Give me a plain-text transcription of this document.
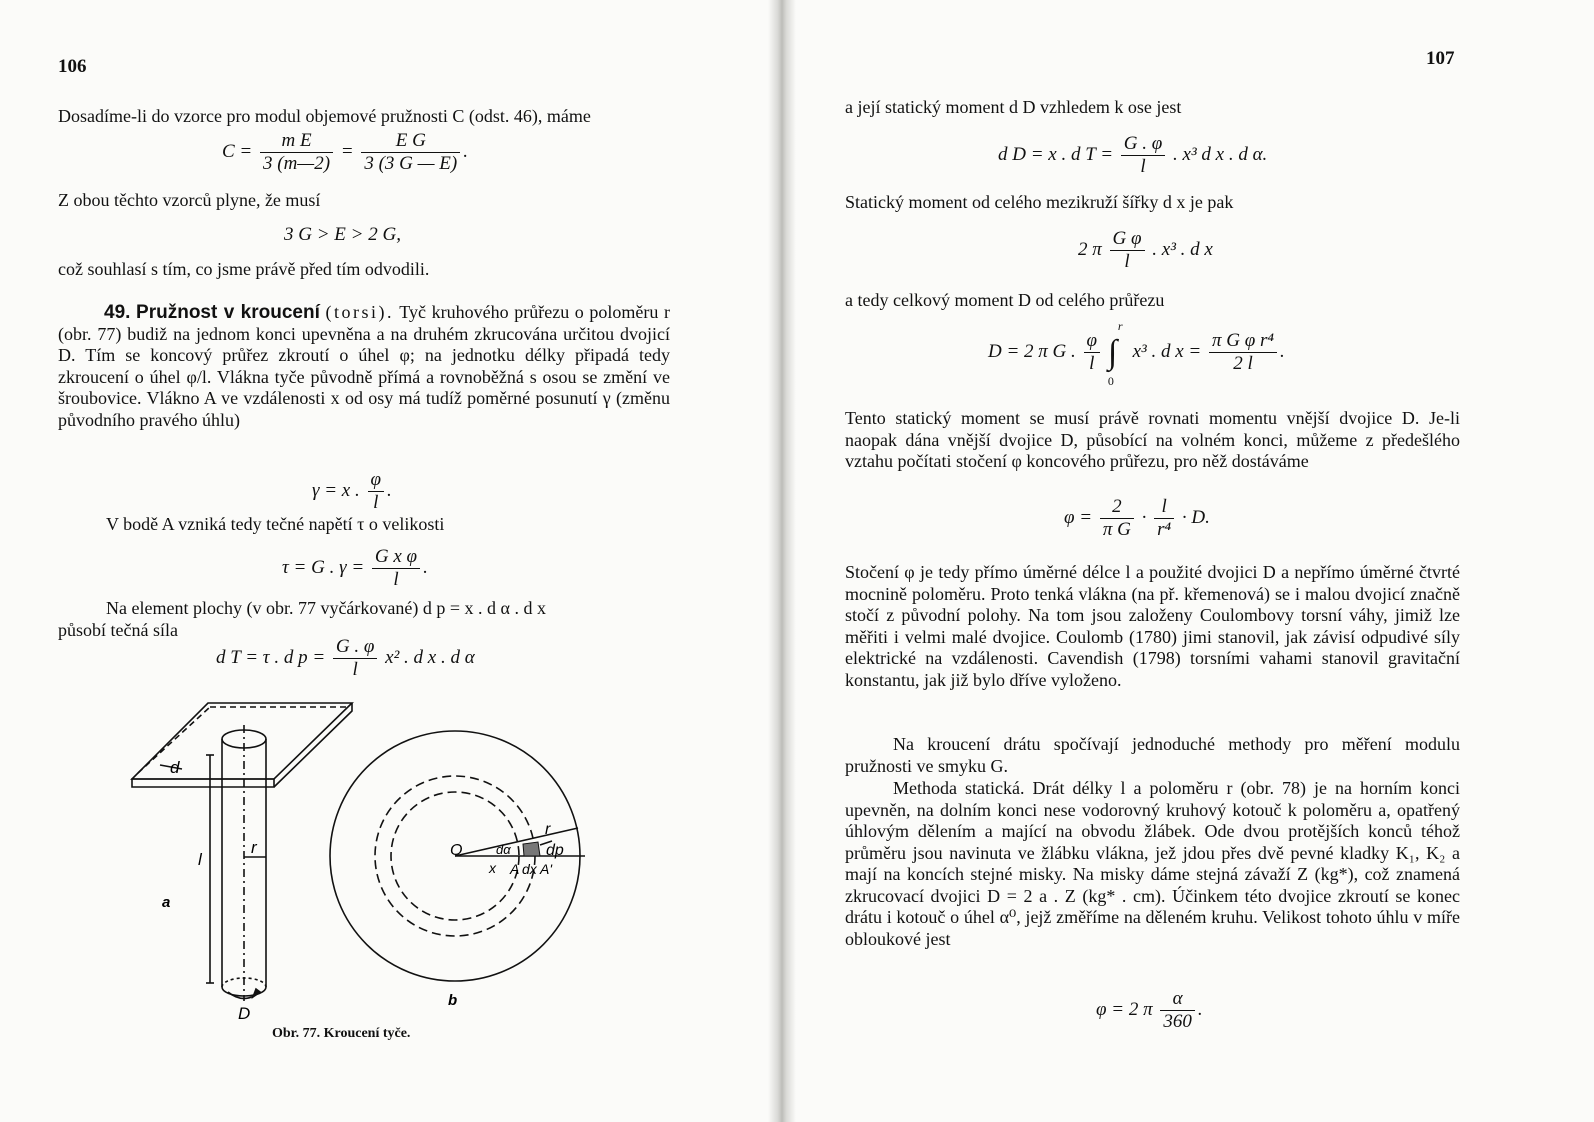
106
Dosadíme-li do vzorce pro modul objemové pružnosti C (odst. 46), máme
$C = \frac{\text{m E}}{3 (m—2)} = \frac{\text{E G}}{3 (3 G — E)}$ .
Z obou těchto vzorců plyne, že musí
3 G > E > 2 G,
což souhlasí s tím, co jsme právě před tím odvodili.
49. Pružnost v kroucení (torsi). Tyč kruhového průřezu o poloměru r (obr. 77) budiž na jednom konci upevněna a na druhém zkrucována určitou dvojicí D. Tím se koncový průřez zkroutí o úhel φ; na jednotku délky připadá tedy zkroucení o úhel φ/l. Vlákna tyče původně přímá a rovnoběžná s osou se změní ve šroubovice. Vlákno A ve vzdálenosti x od osy má tudíž poměrné posunutí γ (změnu původního pravého úhlu)
γ = x . $\frac{\varphi}{l}$ .
V bodě A vzniká tedy tečné napětí τ o velikosti
τ = G . $\gamma = \frac{\text{G x φ}}{l}$ .
Na element plochy (v obr. 77 vyčárkované) d p = x . d α . d x
působí tečná síla
d T = τ . d $p = \frac{G . \varphi}{l} x^2$ . d x . d α
d
l
r
D
a
O	dα
r
dp
x A dx A'
b
Obr. 77. Kroucení tyče.
107
a její statický moment d D vzhledem k ose jest
d D = x . d $T = \frac{G . \varphi}{l}$ . x³ d x . d α.
Statický moment od celého mezikruží šířky d x je pak
2 π $\frac{\text{G φ}}{l}$ . x³ . d x
a tedy celkový moment D od celého průřezu
D = 2 π G . $\frac{\varphi}{l}$ ∫
r
0
x³ . d $x = \frac{\text{π G φ r⁴}}{2 l}$ .
Tento statický moment se musí právě rovnati momentu vnější dvojice D. Je-li naopak dána vnější dvojice D, působící na volném konci, můžeme z předešlého vztahu počítati stočení φ koncového průřezu, pro něž dostáváme
$\varphi = \frac{2}{\text{π G}} \cdot \frac{l}{\text{r⁴}} \cdot D$.
Stočení φ je tedy přímo úměrné délce l a použité dvojici D a nepřímo úměrné čtvrté mocnině poloměru. Proto tenká vlákna (na př. křemenová) se i malou dvojicí značně stočí z původní polohy. Na tom jsou založeny Coulombovy torsní váhy, jimiž lze měřiti i velmi malé dvojice. Coulomb (1780) jimi stanovil, jak závisí odpudivé síly elektrické na vzdálenosti. Cavendish (1798) torsními vahami stanovil gravitační konstantu, jak již bylo dříve vyloženo.
Na kroucení drátu spočívají jednoduché methody pro měření modulu pružnosti ve smyku G.
Methoda statická. Drát délky l a poloměru r (obr. 78) je na horním konci upevněn, na dolním konci nese vodorovný kruhový kotouč k poloměru a, opatřený úhlovým dělením a mající na obvodu žlábek. Ode dvou protějších konců téhož průměru jsou navinuta ve žlábku vlákna, jež jdou přes dvě pevné kladky K₁, K₂ a mají na koncích stejné misky. Na misky dáme stejná závaží Z (kg*), což znamená zkrucovací dvojici D = 2 a . Z (kg* . cm). Účinkem této dvojice zkroutí se konec drátu i kotouč o úhel α⁰, jejž změříme na děleném kruhu. Velikost tohoto úhlu v míře obloukové jest
φ = 2 π $\frac{\alpha}{360}$ .
